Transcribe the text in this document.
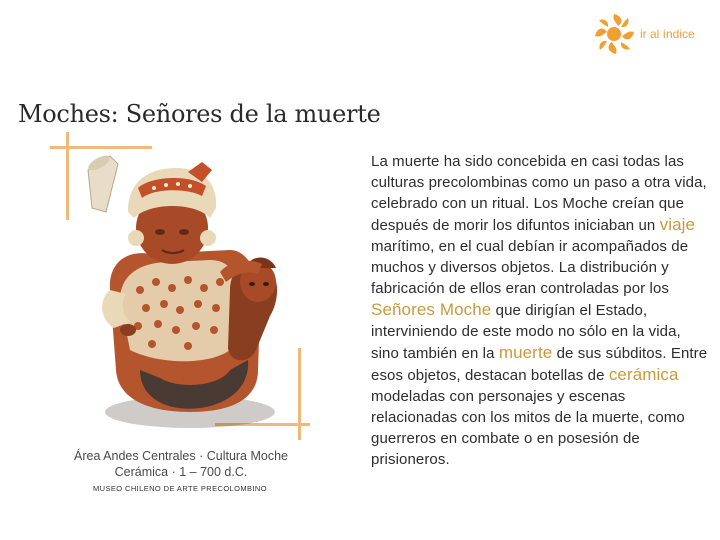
ir al índice
Moches: Señores de la muerte
Área Andes Centrales · Cultura Moche
Cerámica · 1 – 700 d.C.
MUSEO CHILENO DE ARTE PRECOLOMBINO

La muerte ha sido concebida en casi todas las culturas precolombinas como un paso a otra vida, celebrado con un ritual. Los Moche creían que después de morir los difuntos iniciaban un viaje marítimo, en el cual debían ir acompañados de muchos y diversos objetos. La distribución y fabricación de ellos eran controladas por los Señores Moche que dirigían el Estado, interviniendo de este modo no sólo en la vida, sino también en la muerte de sus súbditos. Entre esos objetos, destacan botellas de cerámica modeladas con personajes y escenas relacionadas con los mitos de la muerte, como guerreros en combate o en posesión de prisioneros.
